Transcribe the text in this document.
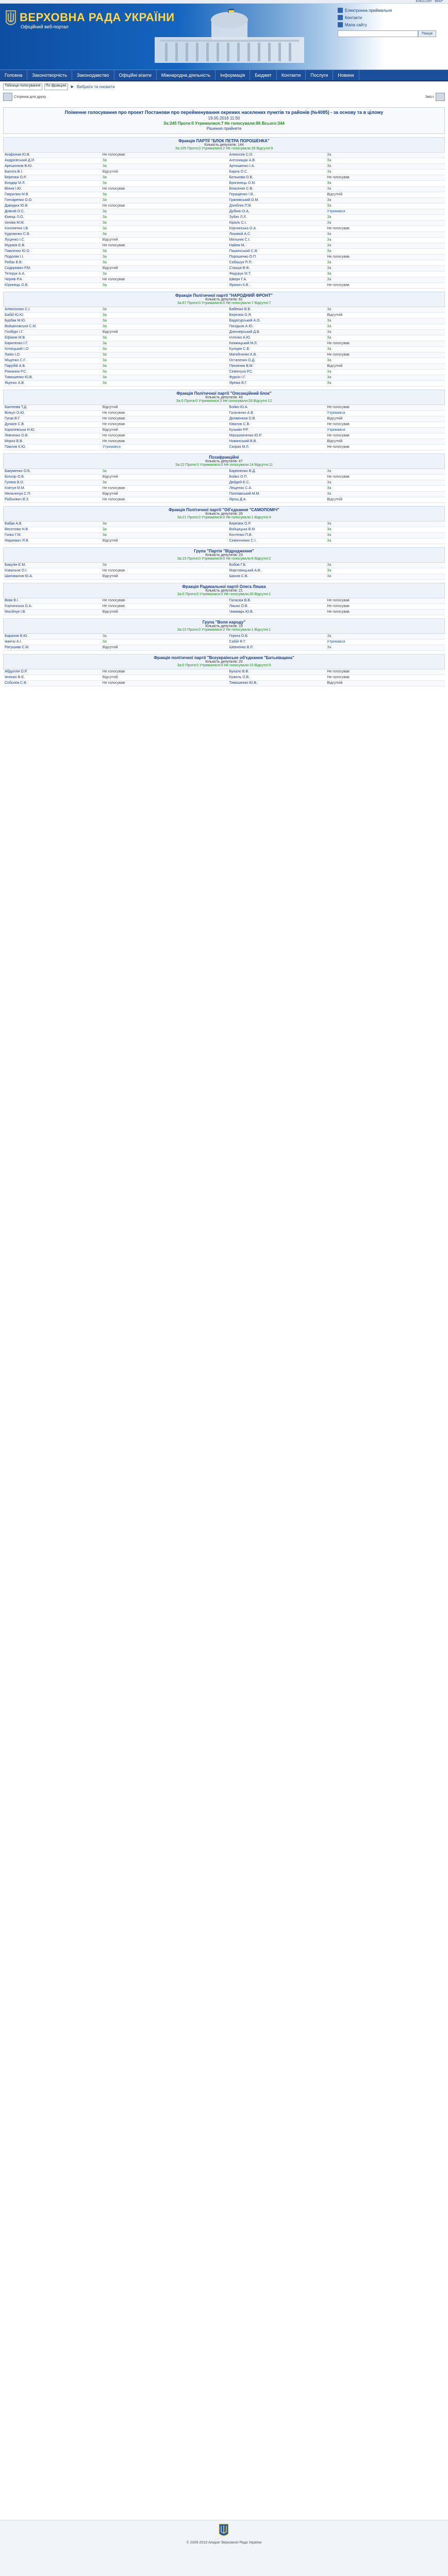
ENGLISH · WAP
ВЕРХОВНА РАДА УКРАЇНИ
Офіційний веб-портал
Електронна приймальня
Контакти
Мапа сайту
Пошук
Головна	Законотворчість	Законодавство	Офіційні візити	Міжнародна діяльність	Інформація	Бюджет	Контакти	Послуги	Новини
Таблиця голосування	По фракціях ► Вибрати та оновити
Сторінка для друку	Зміст
Поіменне голосування про проект Постанови про перейменування окремих населених пунктів та районів (№4085) - за основу та в цілому
19.05.2016 11:50
За:245 Проти:0 Утрималися:7 Не голосували:86 Всього:344
Рішення прийняте
Фракція ПАРТІЇ "БЛОК ПЕТРА ПОРОШЕНКА"
Кількість депутатів: 144
За:105 Проти:0 Утрималися:2 Не голосували:28 Відсутні:9
Агафонов Ю.В.	Не голосував		Алексєєв С.О.	За
Андрієвський Д.Й.	За		Антонищак А.В.	За
Арешонков В.Ю.	За		Артюшенко І.А.	За
Балога В.І.	Відсутній		Барна О.С.	За
Березюк О.Р.	За		Бєлькова О.В.	Не голосував
Бондар М.Л.	За		Бригинець О.М.	За
Віннік І.Ю.	Не голосував		Власенко С.В.	За
Гаврилюк М.В.	За		Геращенко І.В.	Відсутній
Гончаренко О.О.	За		Грановський О.М.	За
Давидюк Ю.В.	Не голосував		Дзюблик П.В.	За
Довгий О.С.	За		Дубінін О.А.	Утримався
Ємець Л.О.	За		Зубач Л.Л.	За
Іонова М.М.	За		Кіраль С.І.	За
Кононенко І.В.	За		Корчинська О.А.	Не голосував
Кудлаєнко С.В.	За		Лозовой А.С.	За
Луценко І.С.	Відсутній		Мельник С.І.	За
Мураєв Є.В.	Не голосував		Найєм М.	За
Павленко Ю.О.	За		Пашинський С.В.	За
Подоляк І.І.	За		Порошенко О.П.	Не голосував
Рибак В.В.	За		Сабашук П.П.	За
Сидорович Р.М.	Відсутній		Сташук В.Ф.	За
Тетерук А.А.	За		Федорук М.Т.	За
Чернів Р.А.	Не голосував		Шверк Г.А.	За
Юринець О.В.	За		Яринич К.В.	Не голосував
Фракція Політичної партії "НАРОДНИЙ ФРОНТ"
Кількість депутатів: 81
За:67 Проти:0 Утрималися:0 Не голосували:7 Відсутні:7
Алексєєнко С.І.	За		Бабенко В.В.	За
Бабій Ю.Ю.	За		Березюк О.Я.	Відсутній
Бурбак М.Ю.	За		Вадатурський А.О.	За
Войцеховська С.М.	За		Гвоздьов А.Ю.	За
Гінзбург І.Г.	Відсутній		Дзензерський Д.В.	За
Єфімов М.В.	За		Іллєнко А.Ю.	За
Кириленко І.Г.	За		Княжицький М.Л.	Не голосував
Котвіцький І.О.	За		Куніцин С.В.	За
Лапін І.О.	За		Матейченко К.В.	Не голосував
Міщенко С.Г.	За		Остапенко О.Д.	За
Парубій А.В.	За		Пинзеник В.М.	Відсутній
Романюк Р.С.	За		Семенуха Р.С.	За
Тимошенко Ю.В.	За		Фурсін І.Г.	За
Яценко А.В.	За		Ярема В.Г.	За
Фракція Політичної партії "Опозиційний блок"
Кількість депутатів: 43
За:0 Проти:0 Утрималися:3 Не голосували:28 Відсутні:12
Бахтеєва Т.Д.	Відсутній		Бойко Ю.А.	Не голосував
Вілкул О.Ю.	Не голосував		Гальченко А.В.	Утримався
Гусак В.Г.	Не голосував		Долженков О.В.	Відсутній
Дунаєв С.В.	Не голосував		Ківалов С.В.	Не голосував
Королевська Н.Ю.	Відсутній		Кузьмін Р.Р.	Утримався
Левченко О.В.	Не голосував		Мірошниченко Ю.Р.	Не голосував
Мороз В.В.	Не голосував		Новинський В.В.	Відсутній
Павлов К.Ю.	Утримався		Скорик М.Л.	Не голосував
Позафракційні
Кількість депутатів: 47
За:22 Проти:0 Утрималися:0 Не голосували:14 Відсутні:11
Бакуменко О.Б.	За		Барвіненко В.Д.	За
Білозір О.В.	Відсутній		Бойко О.П.	Не голосував
Гуляєв В.О.	За		Дейдей Є.С.	За
Ковтун М.М.	Не голосував		Лещенко С.А.	За
Мельничук С.П.	Відсутній		Поплавський М.М.	За
Рабінович В.З.	Не голосував		Ярош Д.А.	Відсутній
Фракція Політичної партії "Об'єднання "САМОПОМІЧ"
Кількість депутатів: 26
За:21 Проти:0 Утрималися:0 Не голосували:1 Відсутні:4
Бабак А.В.	За		Березюк О.Р.	За
Веселова Н.В.	За		Войцицька В.М.	За
Гопко Г.М.	За		Костенко П.В.	За
Маркевич Я.В.	Відсутній		Семенченко С.І.	За
Група "Партія "Відродження"
Кількість депутатів: 23
За:15 Проти:0 Утрималися:0 Не голосували:6 Відсутні:2
Бакулін Є.М.	За		Бобов Г.Б.	За
Ковальов О.І.	Не голосував		Мартовицький А.В.	За
Шаповалов Ю.А.	Відсутній		Шахов С.В.	За
Фракція Радикальної партії Олега Ляшка
Кількість депутатів: 21
За:0 Проти:0 Утрималися:0 Не голосували:20 Відсутні:1
Вовк В.І.	Не голосував		Галасюк В.В.	Не голосував
Корчинська О.А.	Не голосував		Ляшко О.В.	Не голосував
Мосійчук І.В.	Відсутній		Чижмарь Ю.В.	Не голосував
Група "Воля народу"
Кількість депутатів: 19
За:15 Проти:0 Утрималися:2 Не голосували:1 Відсутні:1
Баранов В.Ю.	За		Герега О.В.	За
Іванчо А.І.	За		Сабій Ф.Г.	Утримався
Ратушняк С.М.	Відсутній		Шевченко В.Л.	За
Фракція політичної партії "Всеукраїнське об'єднання "Батьківщина"
Кількість депутатів: 20
За:0 Проти:0 Утрималися:0 Не голосували:15 Відсутні:5
Абдуллін О.Р.	Не голосував		Бухало В.В.	Не голосував
Івченко В.Є.	Відсутній		Кужель О.В.	Не голосував
Соболєв С.В.	Не голосував		Тимошенко Ю.В.	Відсутній
© 2006-2016 Апарат Верховної Ради України
